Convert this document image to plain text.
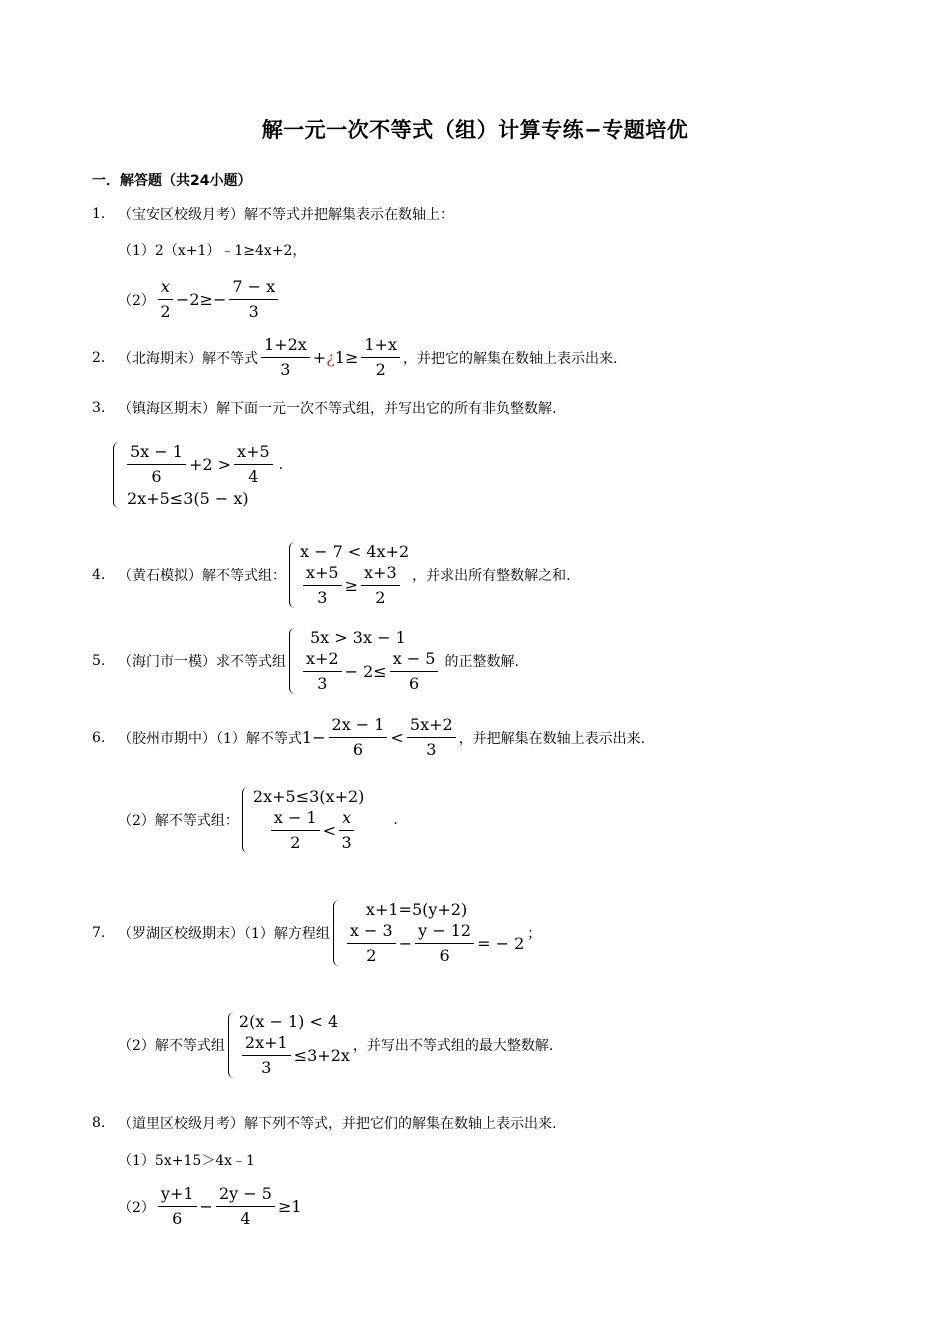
解一元一次不等式（组）计算专练−专题培优
一．解答题（共24小题）
1. （宝安区校级月考）解不等式并把解集表示在数轴上：
（1）2（x+1）﹣1≥4x+2，
$(2) \frac{x}{2} -2\ge- \frac{7 - x}{3}$
2. （北海期末）解不等式 $\frac{1+2x}{3}$ + ¿ $1\ge \frac{1+x}{2}$ ，并把它的解集在数轴上表示出来.
3. （镇海区期末）解下面一元一次不等式组，并写出它的所有非负整数解.
$\frac{5x - 1}{6} +2 > \frac{x+5}{4}$
2x+5≤3(5 − x)
.
4. （黄石模拟）解不等式组：
x − 7 < 4x+2
$\frac{x+5}{3} \ge \frac{x+3}{2}$ ，并求出所有整数解之和.
5. （海门市一模）求不等式组
5x > 3x − 1
$\frac{x+2}{3} - 2\le \frac{x - 5}{6}$ 的正整数解.
6. （胶州市期中）（1）解不等式 $1- \frac{2x - 1}{6} < \frac{5x+2}{3}$ ，并把解集在数轴上表示出来.
（2）解不等式组：
2x+5≤3(x+2)
$\frac{x - 1}{2} < \frac{x}{3}$	.
7. （罗湖区校级期末）（1）解方程组
x+1=5(y+2)
$\frac{x - 3}{2} - \frac{y - 12}{6}$ = − 2 ；
（2）解不等式组
2(x − 1) < 4
$\frac{2x+1}{3} \le 3+2x$ ，并写出不等式组的最大整数解.
8. （道里区校级月考）解下列不等式，并把它们的解集在数轴上表示出来.
（1）5x+15＞4x﹣1
$(2) \frac{y+1}{6} - \frac{2y - 5}{4} \ge 1$
